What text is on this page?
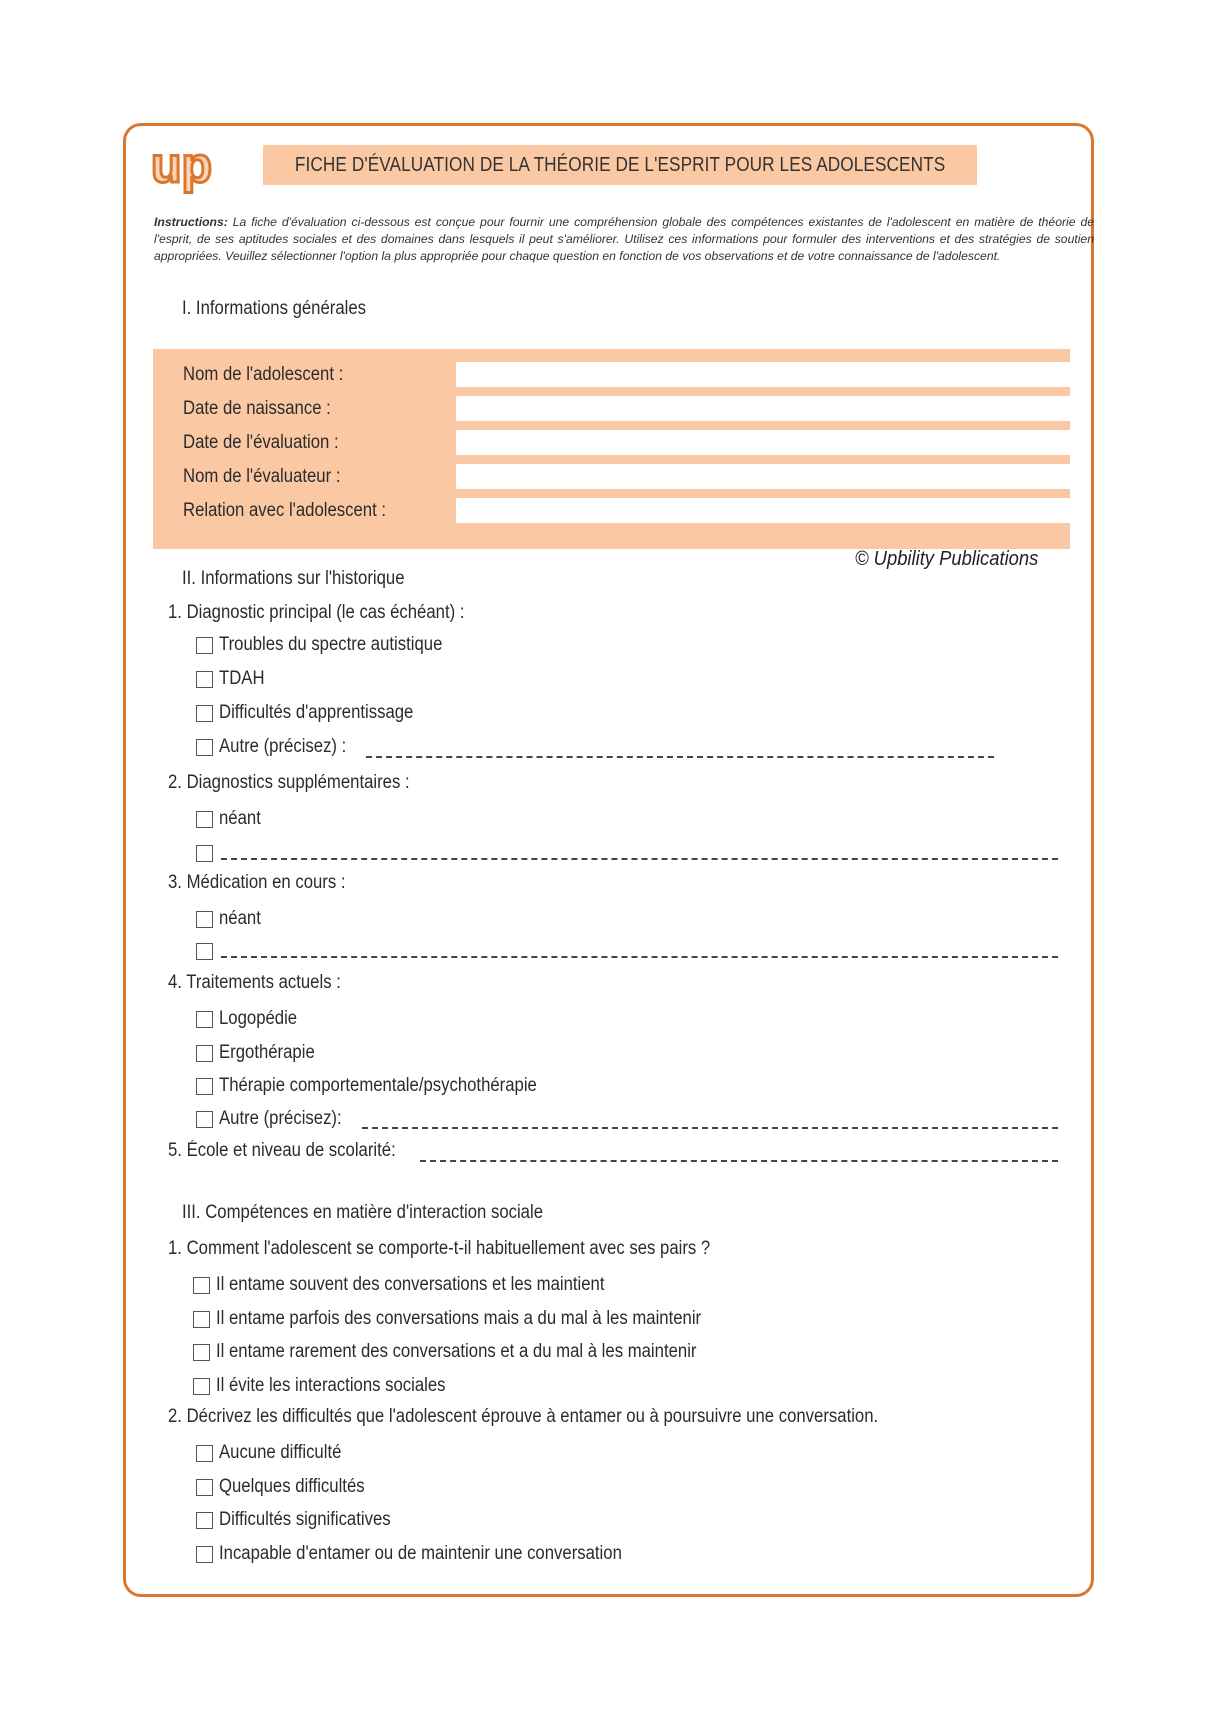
up	FICHE D'ÉVALUATION DE LA THÉORIE DE L'ESPRIT POUR LES ADOLESCENTS
Instructions: La fiche d'évaluation ci-dessous est conçue pour fournir une compréhension globale des compétences existantes de l'adolescent en matière de théorie de l'esprit, de ses aptitudes sociales et des domaines dans lesquels il peut s'améliorer. Utilisez ces informations pour formuler des interventions et des stratégies de soutien appropriées. Veuillez sélectionner l'option la plus appropriée pour chaque question en fonction de vos observations et de votre connaissance de l'adolescent.
I. Informations générales
Nom de l'adolescent :
Date de naissance :
Date de l'évaluation :
Nom de l'évaluateur :
Relation avec l'adolescent :
© Upbility Publications
II. Informations sur l'historique
1. Diagnostic principal (le cas échéant) :
Troubles du spectre autistique
TDAH
Difficultés d'apprentissage
Autre (précisez) :
2. Diagnostics supplémentaires :
néant
3. Médication en cours :
néant
4. Traitements actuels :
Logopédie
Ergothérapie
Thérapie comportementale/psychothérapie
Autre (précisez):
5. École et niveau de scolarité:
III. Compétences en matière d'interaction sociale
1. Comment l'adolescent se comporte-t-il habituellement avec ses pairs ?
Il entame souvent des conversations et les maintient
Il entame parfois des conversations mais a du mal à les maintenir
Il entame rarement des conversations et a du mal à les maintenir
Il évite les interactions sociales
2. Décrivez les difficultés que l'adolescent éprouve à entamer ou à poursuivre une conversation.
Aucune difficulté
Quelques difficultés
Difficultés significatives
Incapable d'entamer ou de maintenir une conversation
